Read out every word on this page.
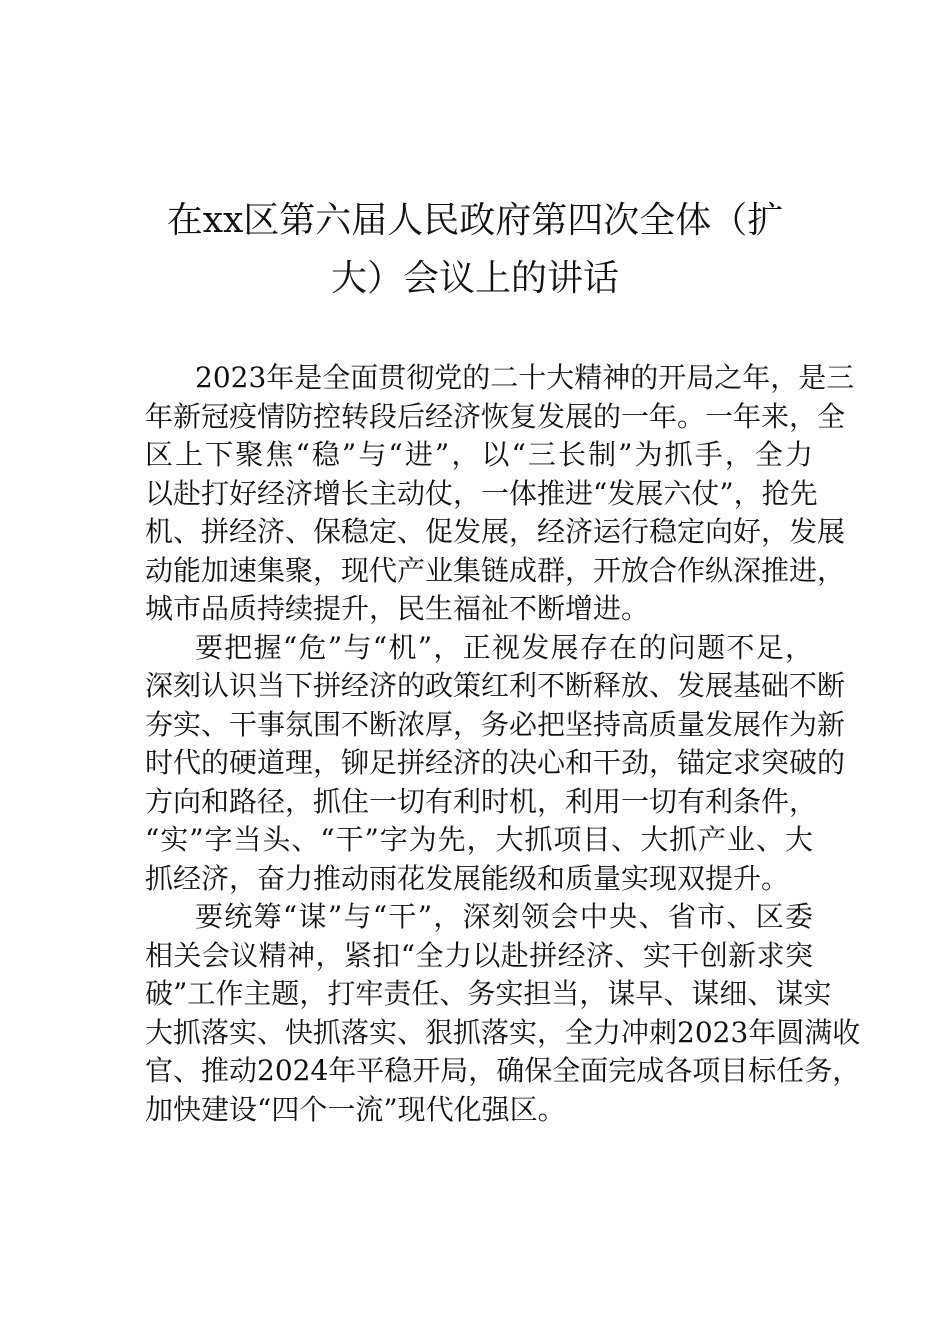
在xx区第六届人民政府第四次全体（扩
大）会议上的讲话

2023年是全面贯彻党的二十大精神的开局之年，是三
年新冠疫情防控转段后经济恢复发展的一年。一年来，全
区上下聚焦“稳”与“进”，以“三长制”为抓手，全力
以赴打好经济增长主动仗，一体推进“发展六仗”，抢先
机、拼经济、保稳定、促发展，经济运行稳定向好，发展
动能加速集聚，现代产业集链成群，开放合作纵深推进，
城市品质持续提升，民生福祉不断增进。

要把握“危”与“机”，正视发展存在的问题不足，
深刻认识当下拼经济的政策红利不断释放、发展基础不断
夯实、干事氛围不断浓厚，务必把坚持高质量发展作为新
时代的硬道理，铆足拼经济的决心和干劲，锚定求突破的
方向和路径，抓住一切有利时机，利用一切有利条件，
“实”字当头、“干”字为先，大抓项目、大抓产业、大
抓经济，奋力推动雨花发展能级和质量实现双提升。

要统筹“谋”与“干”，深刻领会中央、省市、区委
相关会议精神，紧扣“全力以赴拼经济、实干创新求突
破”工作主题，打牢责任、务实担当，谋早、谋细、谋实
大抓落实、快抓落实、狠抓落实，全力冲刺2023年圆满收
官、推动2024年平稳开局，确保全面完成各项目标任务，
加快建设“四个一流”现代化强区。
